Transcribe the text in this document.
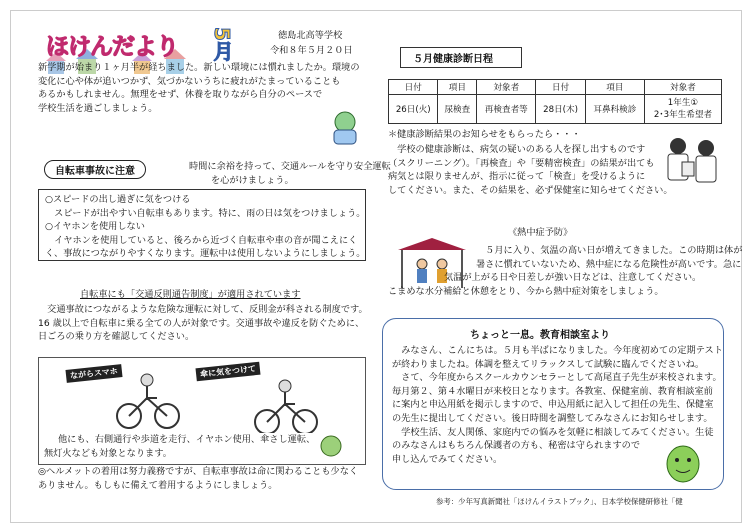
ほけんだより 5月	徳島北高等学校
令和８年５月２０日
新学期が始まり１ヶ月半が経ちました。新しい環境には慣れましたか。環境の
変化に心や体が追いつかず、気づかないうちに疲れがたまっていることも
あるかもしれません。無理をせず、休養を取りながら自分のペースで
学校生活を過ごしましょう。
自転車事故に注意	時間に余裕を持って、交通ルールを守り安全運転
を心がけましょう。
○スピードの出し過ぎに気をつける
　スピードが出やすい自転車もあります。特に、雨の日は気をつけましょう。
○イヤホンを使用しない
　イヤホンを使用していると、後ろから近づく自転車や車の音が聞こえにく
く、事故につながりやすくなります。運転中は使用しないようにしましょう。
自転車にも「交通反則通告制度」が適用されています
　交通事故につながるような危険な運転に対して、反則金が科される制度です。
16 歳以上で自転車に乗る全ての人が対象です。交通事故や違反を防ぐために、
日ごろの乗り方を確認してください。
ながらスマホ	傘に気をつけて
他にも、右側通行や歩道を走行、イヤホン使用、傘さし運転、
無灯火なども対象となります。
◎ヘルメットの着用は努力義務ですが、自転車事故は命に関わることも少なく
ありません。もしもに備えて着用するようにしましょう。
５月健康診断日程
日付	項目	対象者	日付	項目	対象者
26日(火)	尿検査	再検査者等	28日(木)	耳鼻科検診	1年生①
2･3年生希望者
＊健康診断結果のお知らせをもらったら・・・
　学校の健康診断は、病気の疑いのある人を探し出すものです
（スクリーニング）。「再検査」や「要精密検査」の結果が出ても
病気とは限りませんが、指示に従って「検査」を受けるように
してください。また、その結果を、必ず保健室に知らせてください。
《熱中症予防》
　５月に入り、気温の高い日が増えてきました。この時期は体が
暑さに慣れていないため、熱中症になる危険性が高いです。急に
気温が上がる日や日差しが強い日などは、注意してください。
こまめな水分補給と休憩をとり、今から熱中症対策をしましょう。
ちょっと一息。教育相談室より
　みなさん、こんにちは。５月も半ばになりました。今年度初めての定期テスト
が終わりましたね。体調を整えてリラックスして試験に臨んでくださいね。
　さて、今年度からスクールカウンセラーとして高尾直子先生が来校されます。
毎月第２、第４水曜日が来校日となります。各教室、保健室前、教育相談室前
に案内と申込用紙を掲示しますので、申込用紙に記入して担任の先生、保健室
の先生に提出してください。後日時間を調整してみなさんにお知らせします。
　学校生活、友人関係、家庭内での悩みを気軽に相談してみてください。生徒
のみなさんはもちろん保護者の方も、秘密は守られますので
申し込んでみてください。
参考：少年写真新聞社「ほけんイラストブック」、日本学校保健研修社「健
